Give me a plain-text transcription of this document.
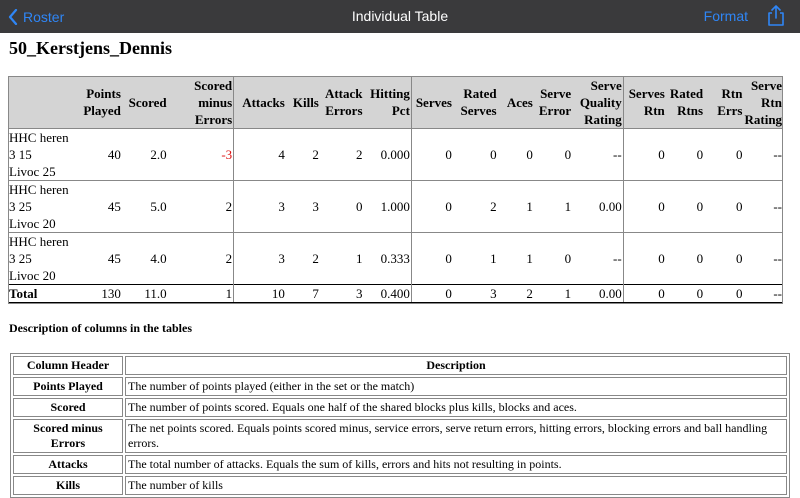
Roster	Individual Table	Format
50_Kerstjens_Dennis
	Points Played	Scored	Scored minus Errors	Attacks	Kills	Attack Errors	Hitting Pct	Serves	Rated Serves	Aces	Serve Error	Serve Quality Rating	Serves Rtn	Rated Rtns	Rtn Errs	Serve Rtn Rating
HHC heren
3 15
Livoc 25	40	2.0	-3	4	2	2	0.000	0	0	0	0	--	0	0	0	--
HHC heren
3 25
Livoc 20	45	5.0	2	3	3	0	1.000	0	2	1	1	0.00	0	0	0	--
HHC heren
3 25
Livoc 20	45	4.0	2	3	2	1	0.333	0	1	1	0	--	0	0	0	--
Total	130	11.0	1	10	7	3	0.400	0	3	2	1	0.00	0	0	0	--
Description of columns in the tables
Column Header	Description
Points Played	The number of points played (either in the set or the match)
Scored	The number of points scored. Equals one half of the shared blocks plus kills, blocks and aces.
Scored minus Errors	The net points scored. Equals points scored minus, service errors, serve return errors, hitting errors, blocking errors and ball handling errors.
Attacks	The total number of attacks. Equals the sum of kills, errors and hits not resulting in points.
Kills	The number of kills
